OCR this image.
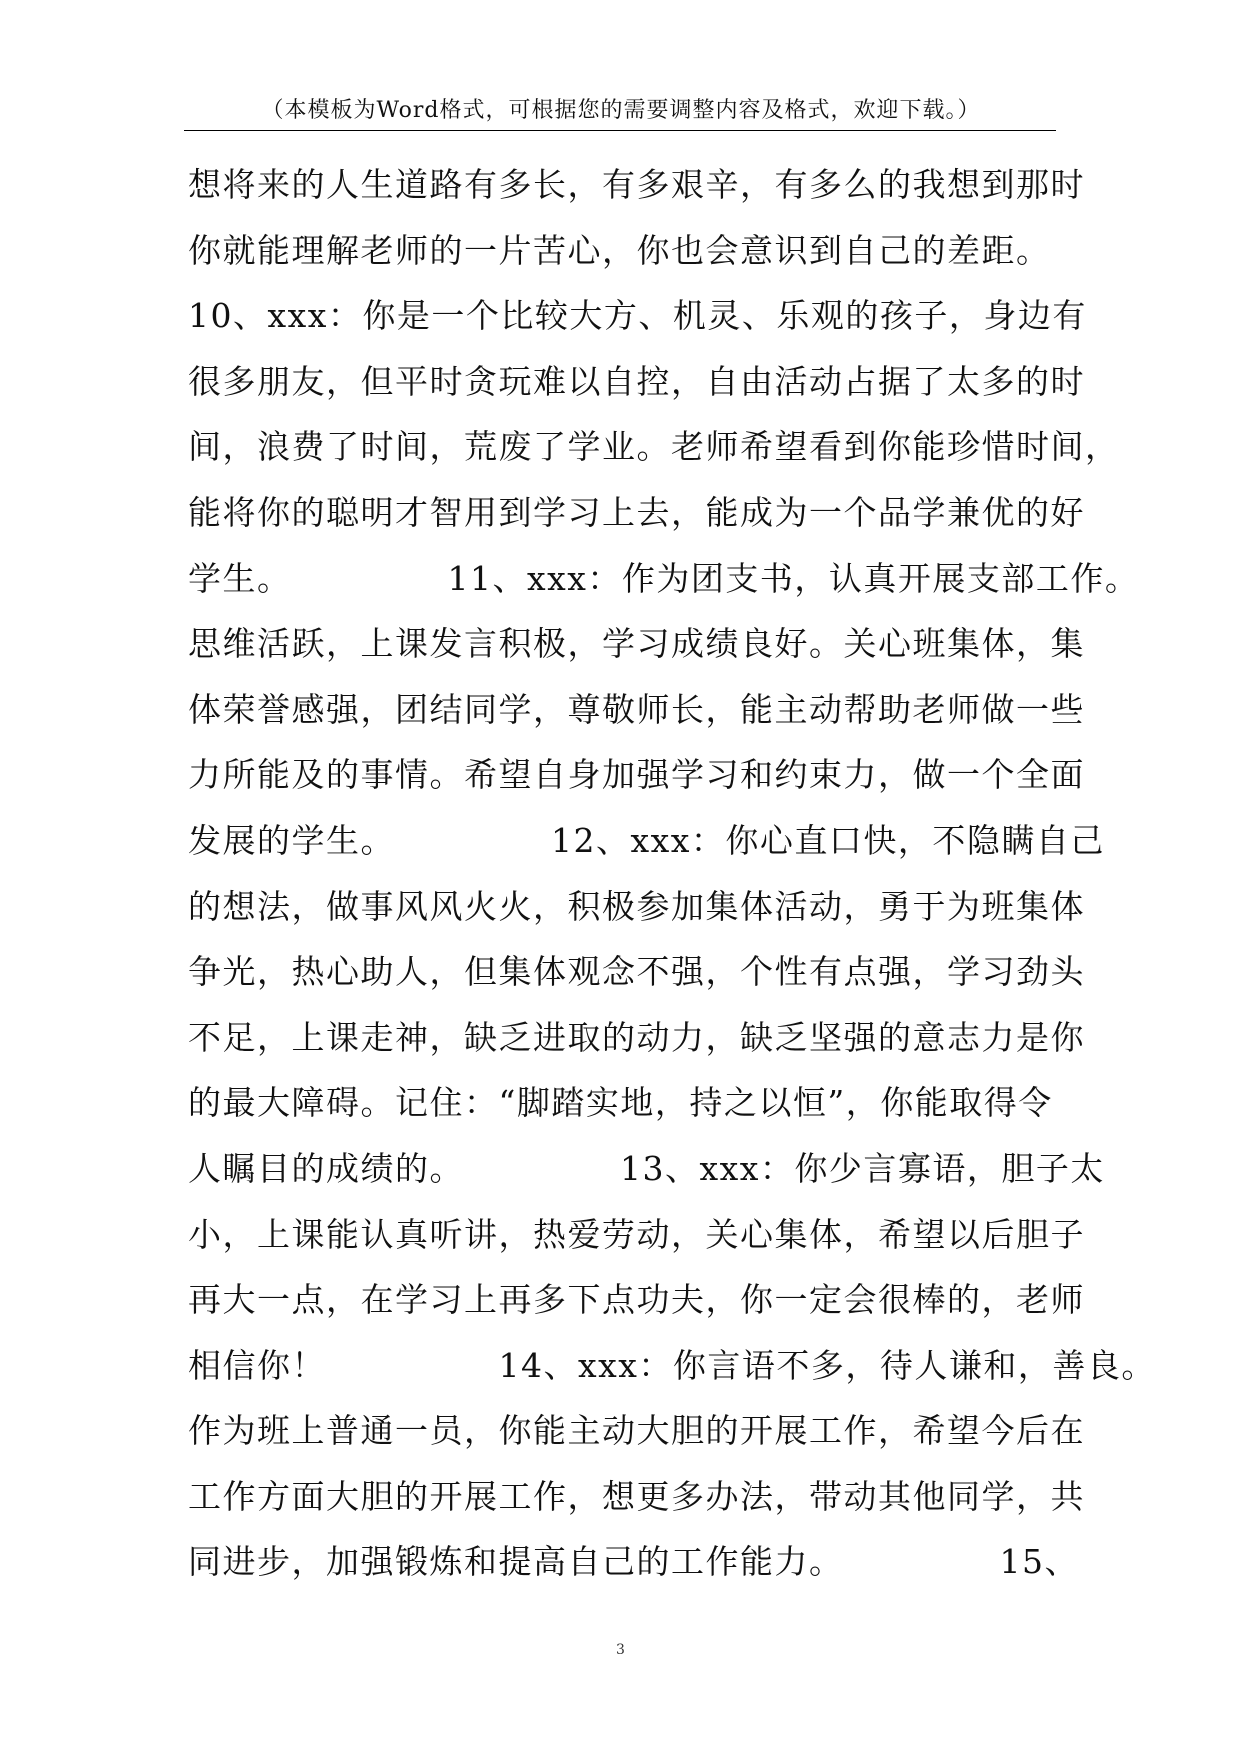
（本模板为Word格式，可根据您的需要调整内容及格式，欢迎下载。）
想将来的人生道路有多长，有多艰辛，有多么的我想到那时
你就能理解老师的一片苦心，你也会意识到自己的差距。
10、xxx：你是一个比较大方、机灵、乐观的孩子，身边有
很多朋友，但平时贪玩难以自控，自由活动占据了太多的时
间，浪费了时间，荒废了学业。老师希望看到你能珍惜时间，
能将你的聪明才智用到学习上去，能成为一个品学兼优的好
学生。　　　　　11、xxx：作为团支书，认真开展支部工作。
思维活跃，上课发言积极，学习成绩良好。关心班集体，集
体荣誉感强，团结同学，尊敬师长，能主动帮助老师做一些
力所能及的事情。希望自身加强学习和约束力，做一个全面
发展的学生。　　　　　12、xxx：你心直口快，不隐瞒自己
的想法，做事风风火火，积极参加集体活动，勇于为班集体
争光，热心助人，但集体观念不强，个性有点强，学习劲头
不足，上课走神，缺乏进取的动力，缺乏坚强的意志力是你
的最大障碍。记住：“脚踏实地，持之以恒”，你能取得令
人瞩目的成绩的。　　　　　13、xxx：你少言寡语，胆子太
小，上课能认真听讲，热爱劳动，关心集体，希望以后胆子
再大一点，在学习上再多下点功夫，你一定会很棒的，老师
相信你！　　　　　14、xxx：你言语不多，待人谦和，善良。
作为班上普通一员，你能主动大胆的开展工作，希望今后在
工作方面大胆的开展工作，想更多办法，带动其他同学，共
同进步，加强锻炼和提高自己的工作能力。　　　　　15、
3
